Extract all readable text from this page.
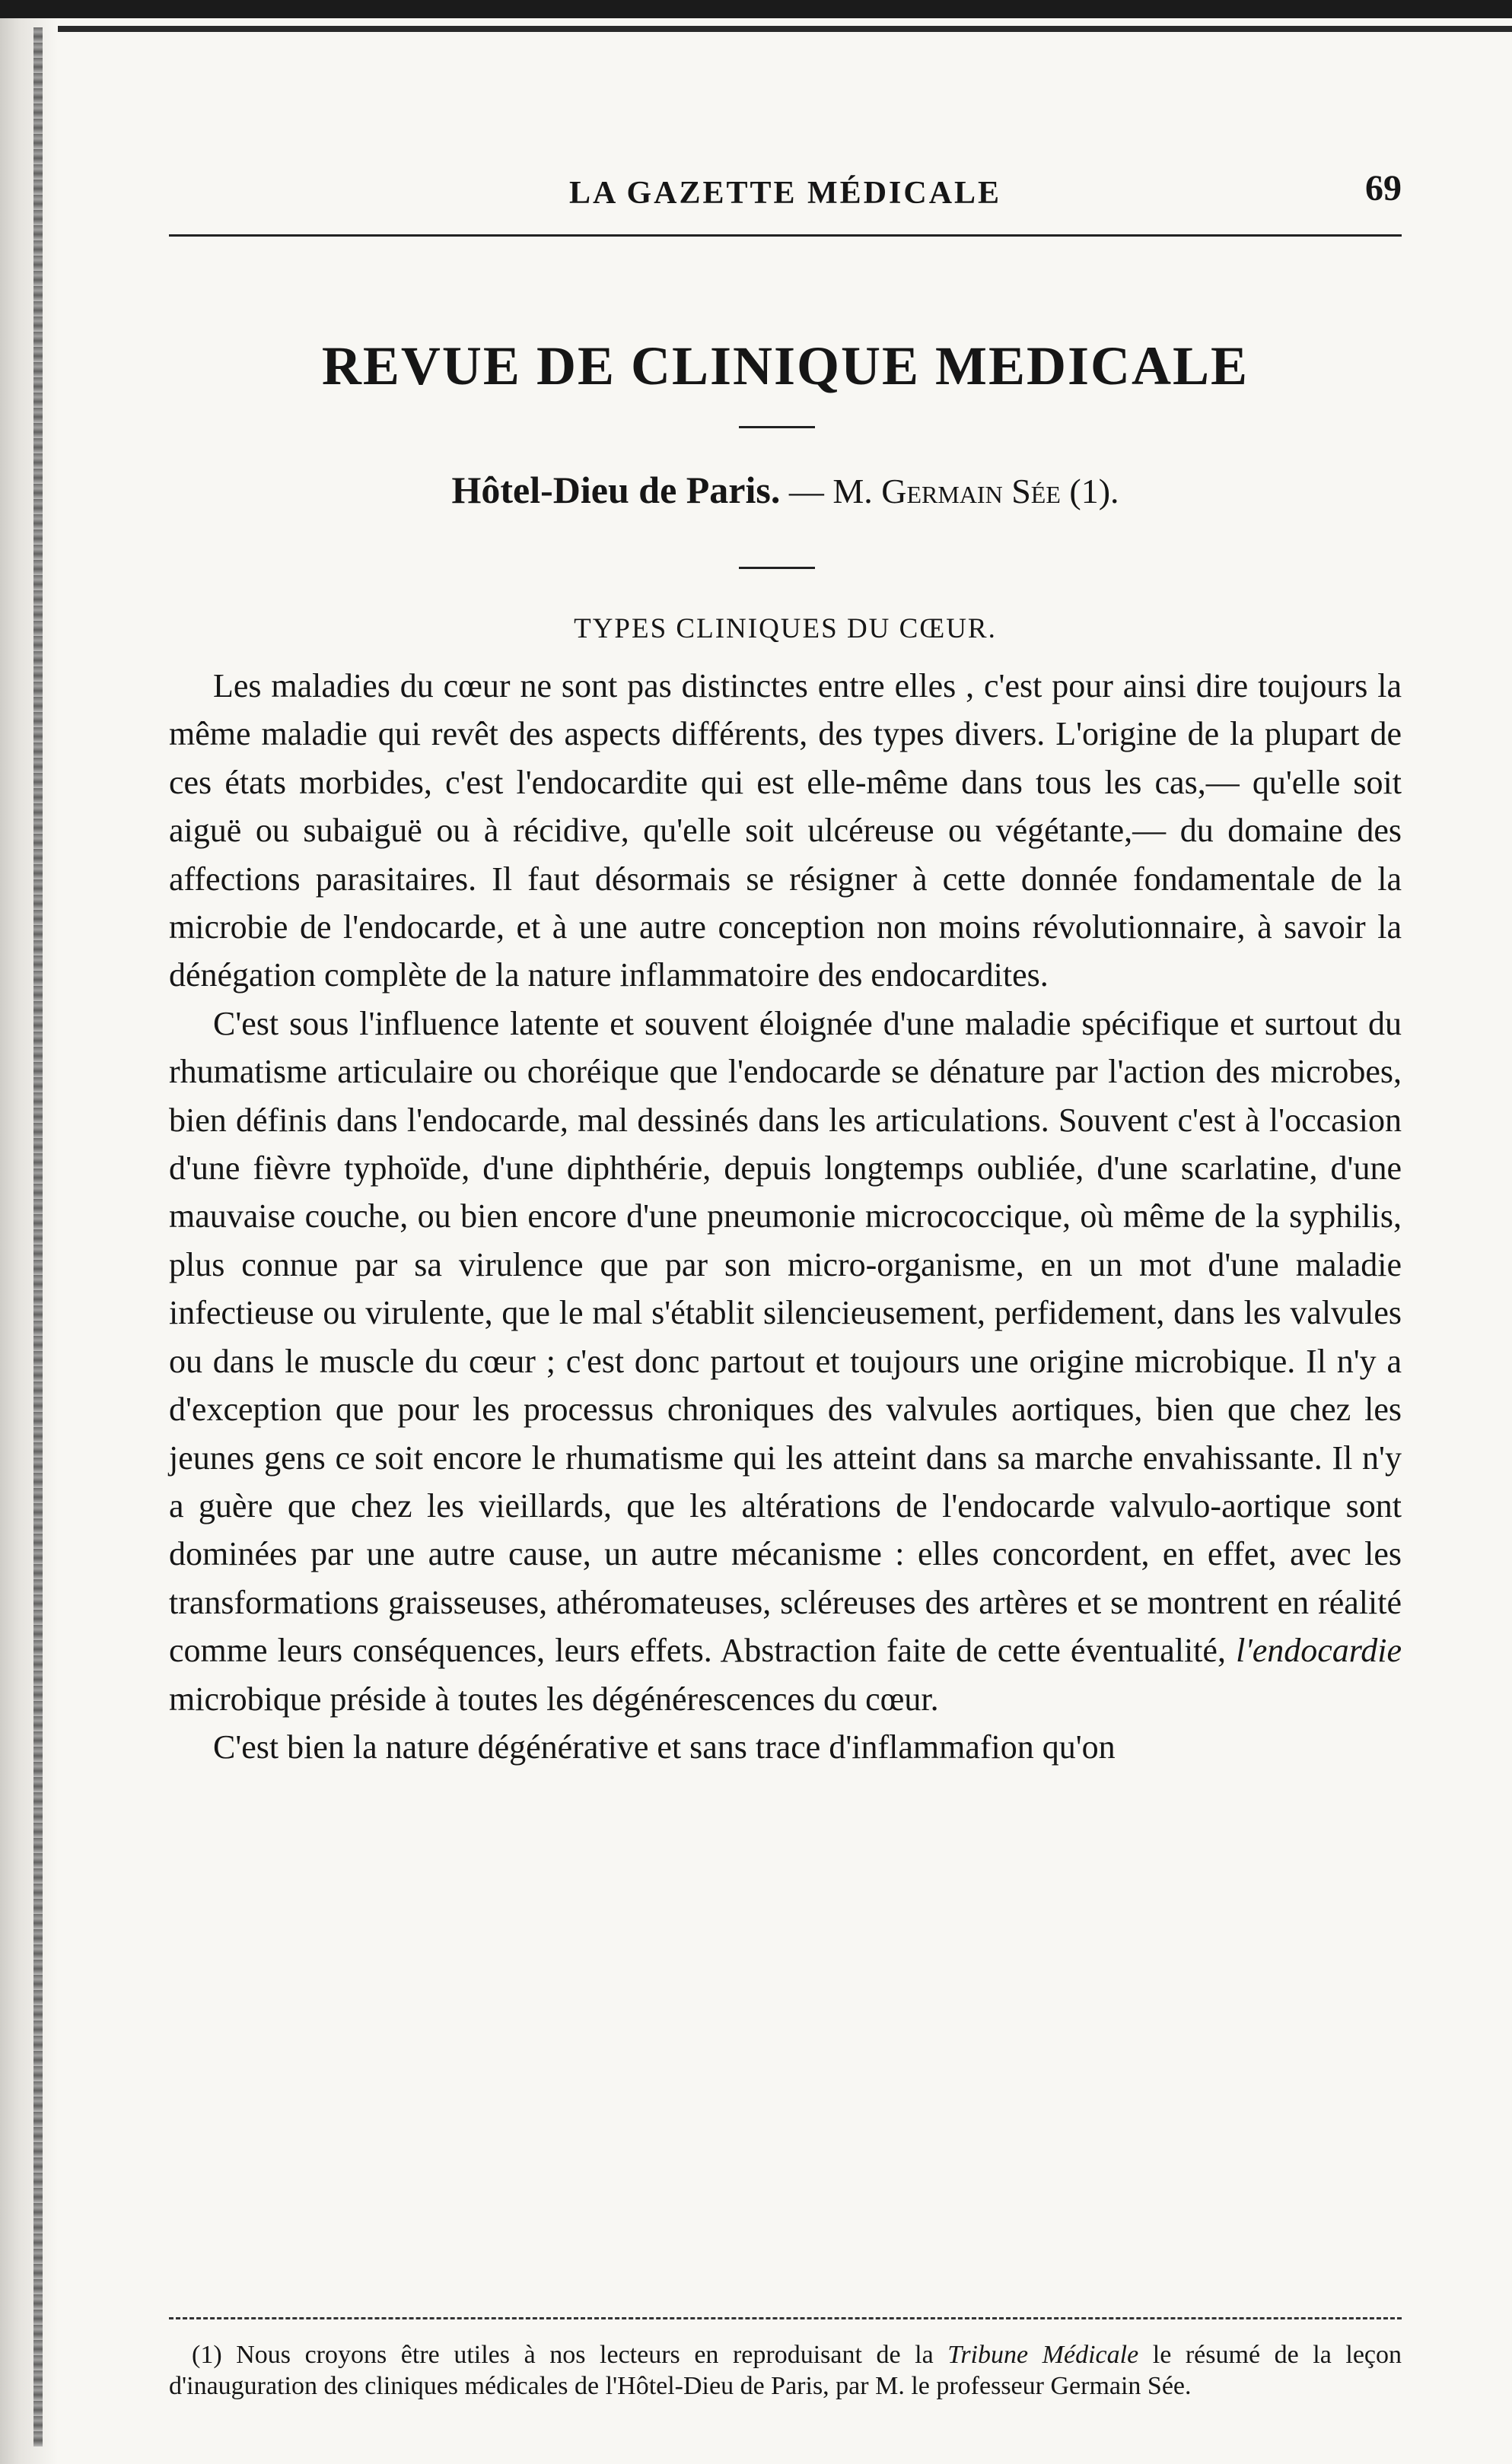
LA GAZETTE MÉDICALE	69
REVUE DE CLINIQUE MEDICALE
Hôtel-Dieu de Paris. — M. Germain Sée (1).
TYPES CLINIQUES DU CŒUR.

Les maladies du cœur ne sont pas distinctes entre elles , c'est pour ainsi dire toujours la même maladie qui revêt des aspects différents, des types divers. L'origine de la plupart de ces états morbides, c'est l'endocardite qui est elle-même dans tous les cas,— qu'elle soit aiguë ou subaiguë ou à récidive, qu'elle soit ulcéreuse ou végétante,— du domaine des affections parasitaires. Il faut désormais se résigner à cette donnée fondamentale de la microbie de l'endocarde, et à une autre conception non moins révolutionnaire, à savoir la dénégation complète de la nature inflammatoire des endocardites.

C'est sous l'influence latente et souvent éloignée d'une maladie spécifique et surtout du rhumatisme articulaire ou choréique que l'endocarde se dénature par l'action des microbes, bien définis dans l'endocarde, mal dessinés dans les articulations. Souvent c'est à l'occasion d'une fièvre typhoïde, d'une diphthérie, depuis longtemps oubliée, d'une scarlatine, d'une mauvaise couche, ou bien encore d'une pneumonie micrococcique, où même de la syphilis, plus connue par sa virulence que par son micro-organisme, en un mot d'une maladie infectieuse ou virulente, que le mal s'établit silencieusement, perfidement, dans les valvules ou dans le muscle du cœur ; c'est donc partout et toujours une origine microbique. Il n'y a d'exception que pour les processus chroniques des valvules aortiques, bien que chez les jeunes gens ce soit encore le rhumatisme qui les atteint dans sa marche envahissante. Il n'y a guère que chez les vieillards, que les altérations de l'endocarde valvulo-aortique sont dominées par une autre cause, un autre mécanisme : elles concordent, en effet, avec les transformations graisseuses, athéromateuses, scléreuses des artères et se montrent en réalité comme leurs conséquences, leurs effets. Abstraction faite de cette éventualité, l'endocardie microbique préside à toutes les dégénérescences du cœur.

C'est bien la nature dégénérative et sans trace d'inflammafion qu'on

(1) Nous croyons être utiles à nos lecteurs en reproduisant de la Tribune Médicale le résumé de la leçon d'inauguration des cliniques médicales de l'Hôtel-Dieu de Paris, par M. le professeur Germain Sée.
